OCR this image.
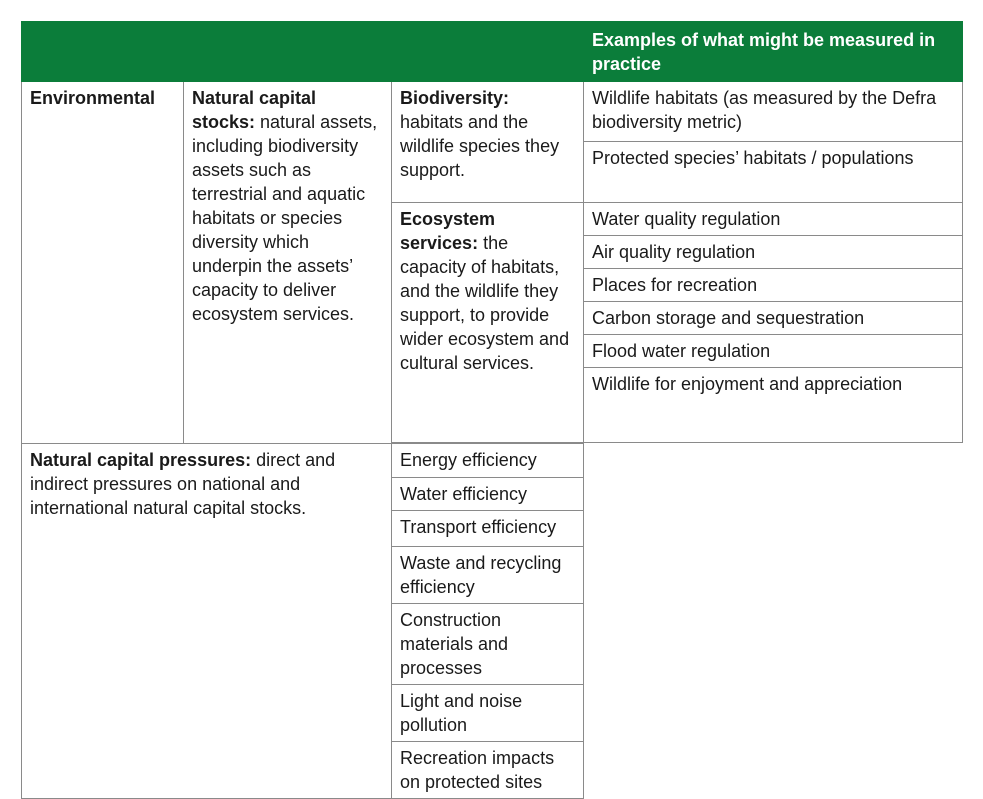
			Examples of what might be measured in practice
Environmental	Natural capital stocks: natural assets, including biodiversity assets such as terrestrial and aquatic habitats or species diversity which underpin the assets’ capacity to deliver ecosystem services.	Biodiversity: habitats and the wildlife species they support.	Wildlife habitats (as measured by the Defra biodiversity metric)
			Protected species’ habitats / populations
		Ecosystem services: the capacity of habitats, and the wildlife they support, to provide wider ecosystem and cultural services.	Water quality regulation
			Air quality regulation
			Places for recreation
			Carbon storage and sequestration
			Flood water regulation
			Wildlife for enjoyment and appreciation

Natural capital pressures: direct and indirect pressures on national and international natural capital stocks.		Energy efficiency	
		Water efficiency	
		Transport efficiency	
		Waste and recycling efficiency	
		Construction materials and processes	
		Light and noise pollution	
		Recreation impacts on protected sites	
